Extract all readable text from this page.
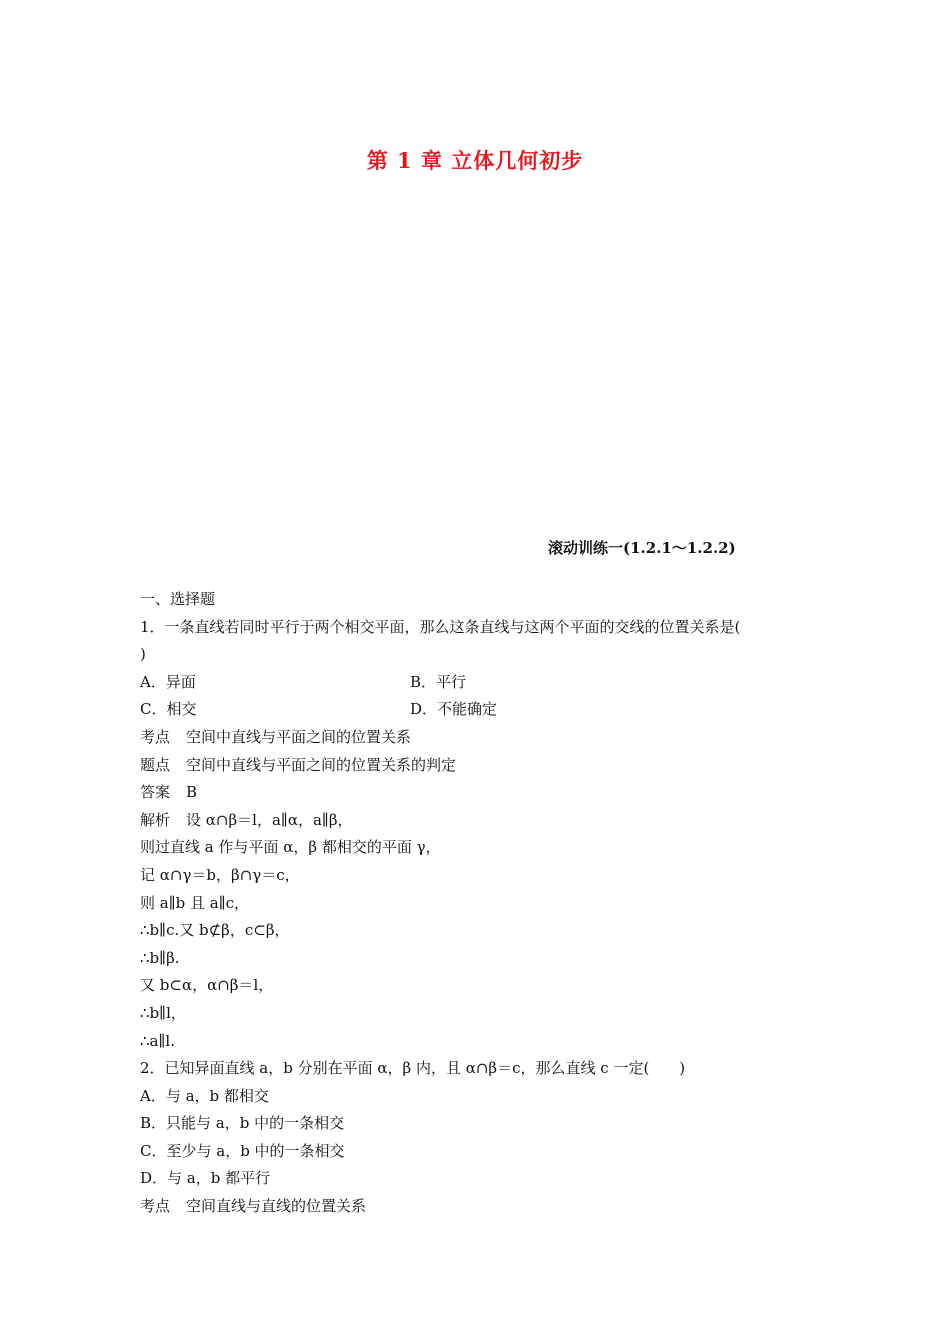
第 1 章 立体几何初步
滚动训练一(1.2.1～1.2.2)
一、选择题
1．一条直线若同时平行于两个相交平面，那么这条直线与这两个平面的交线的位置关系是(
)
A．异面	B．平行
C．相交	D．不能确定
考点 空间中直线与平面之间的位置关系
题点 空间中直线与平面之间的位置关系的判定
答案 B
解析 设 α∩β＝l，a∥α，a∥β，
则过直线 a 作与平面 α，β 都相交的平面 γ，
记 α∩γ＝b，β∩γ＝c，
则 a∥b 且 a∥c，
∴b∥c.又 b⊄β，c⊂β，
∴b∥β.
又 b⊂α，α∩β＝l，
∴b∥l，
∴a∥l.
2．已知异面直线 a，b 分别在平面 α，β 内，且 α∩β＝c，那么直线 c 一定(　　)
A．与 a，b 都相交
B．只能与 a，b 中的一条相交
C．至少与 a，b 中的一条相交
D．与 a，b 都平行
考点 空间直线与直线的位置关系
